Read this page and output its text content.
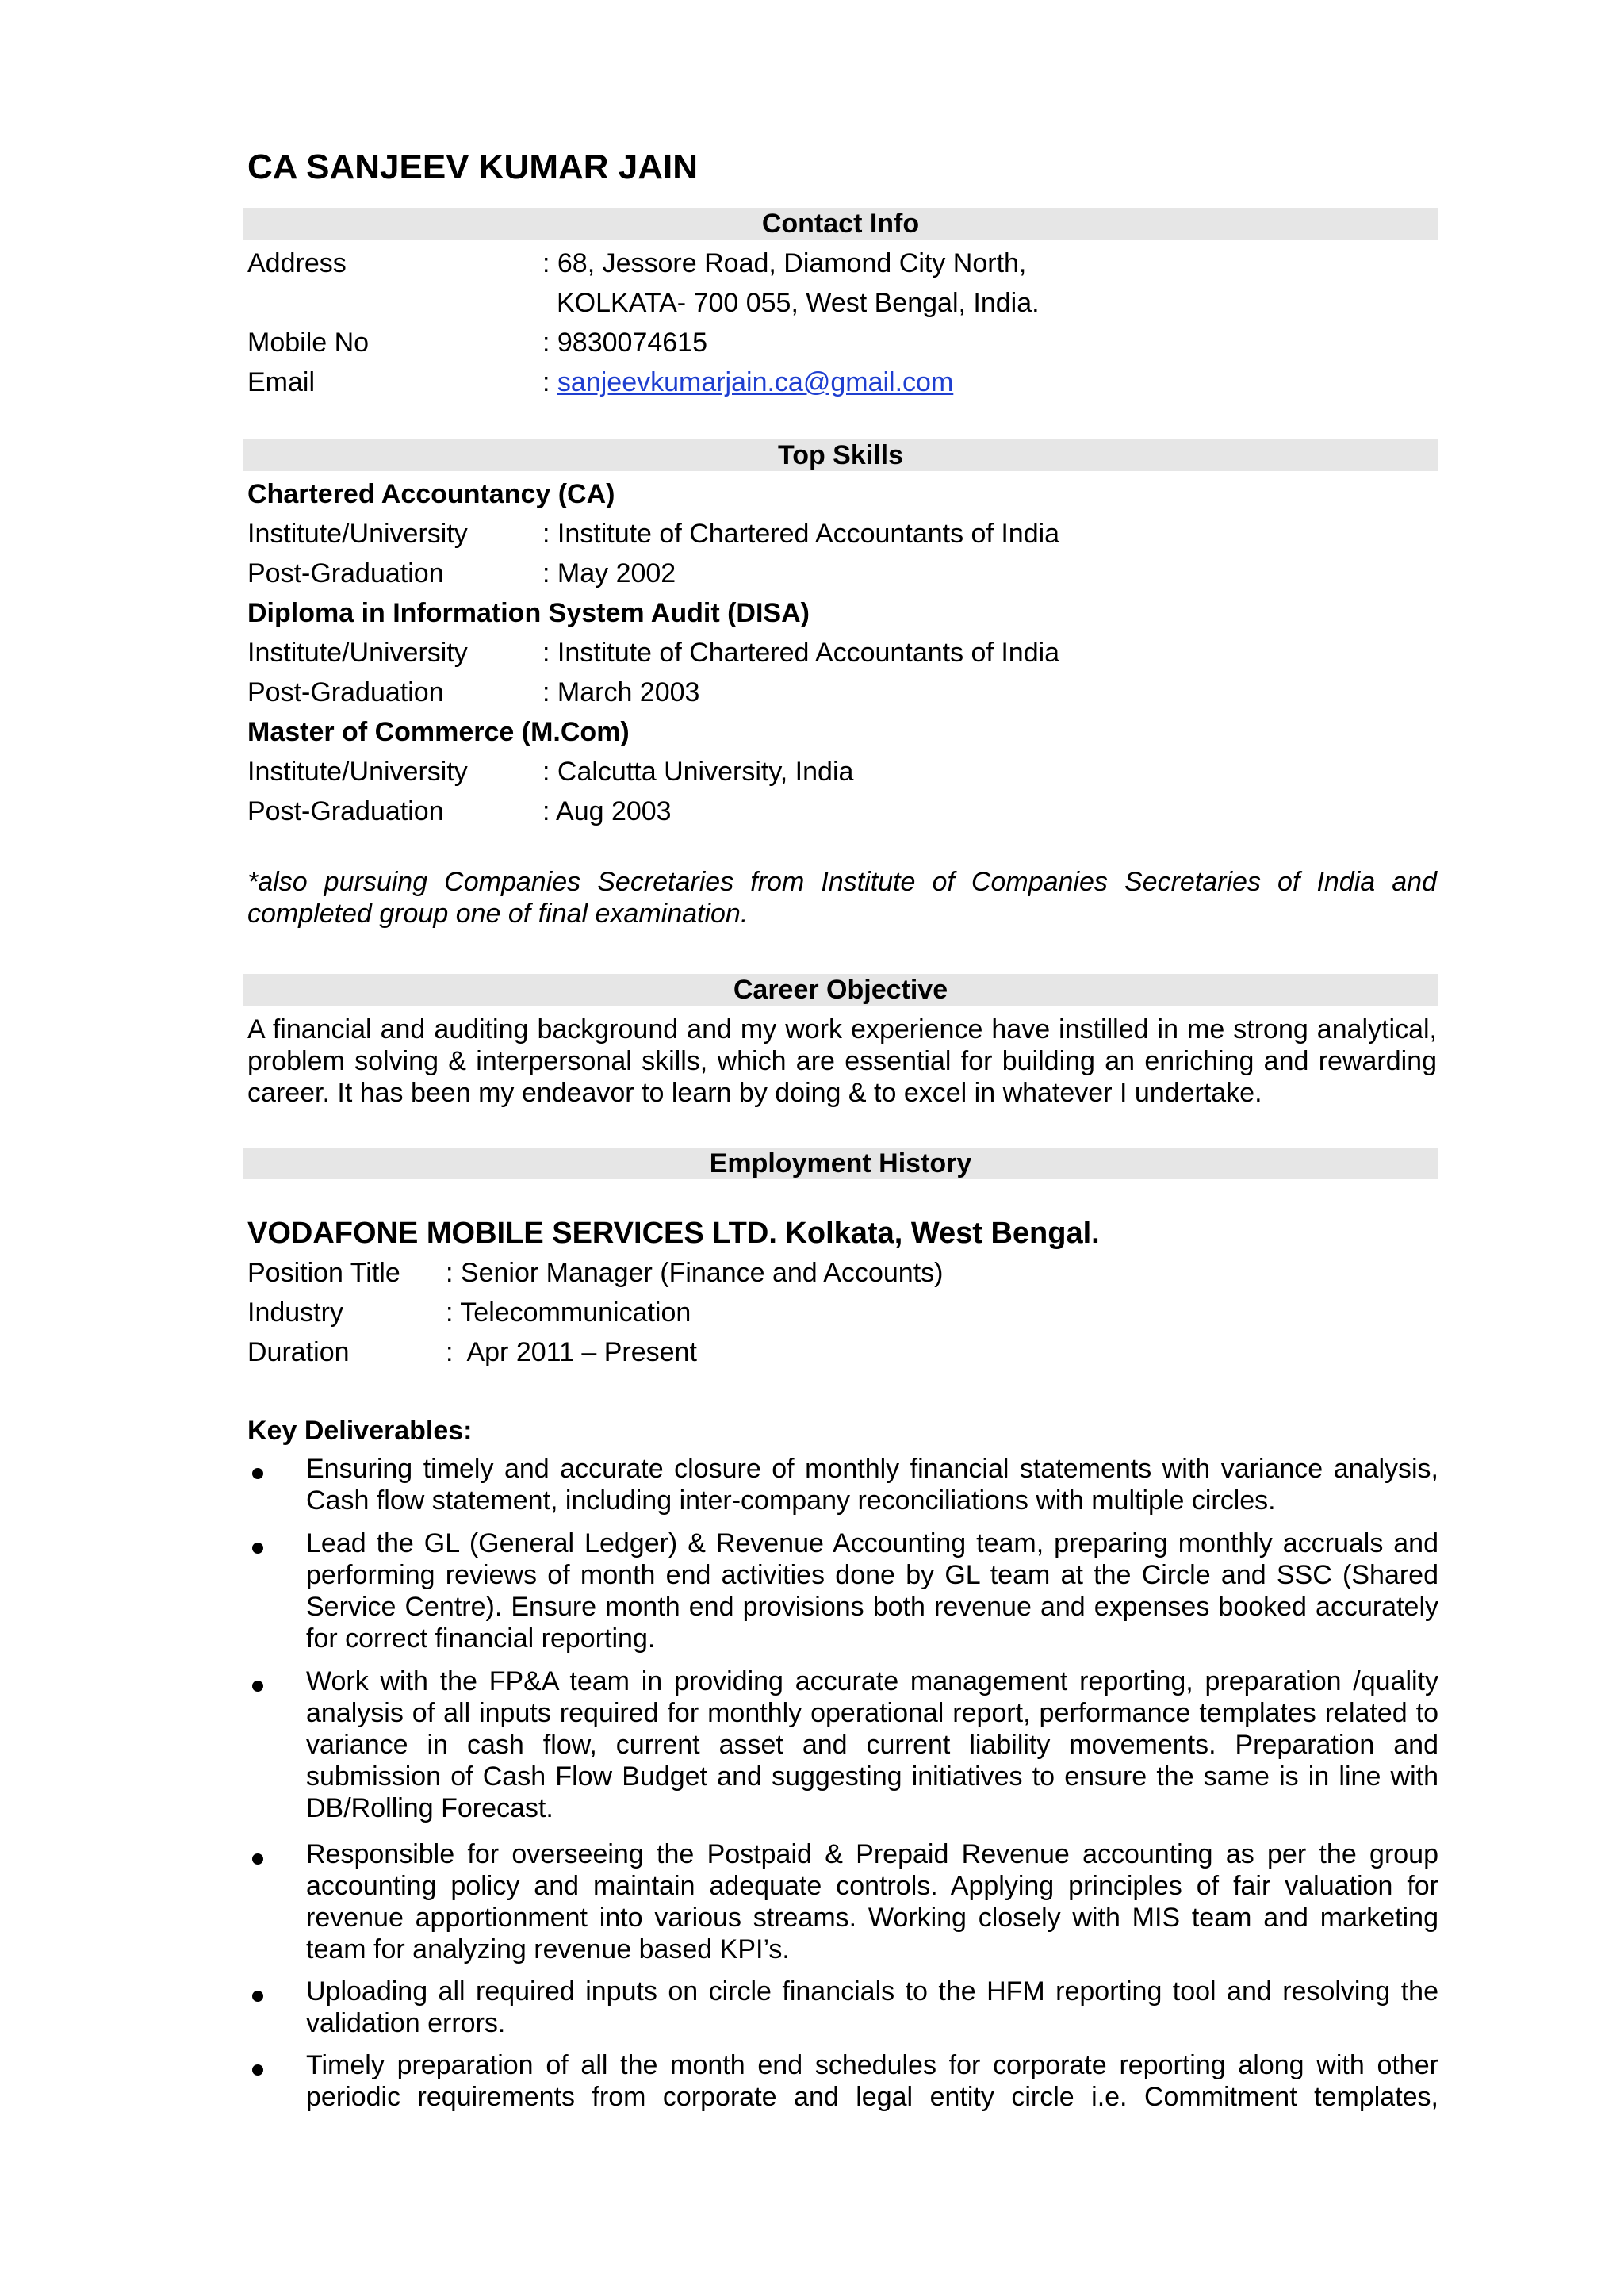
CA SANJEEV KUMAR JAIN
Contact Info
Address	: 68, Jessore Road, Diamond City North,
KOLKATA- 700 055, West Bengal, India.
Mobile No	: 9830074615
Email	: sanjeevkumarjain.ca@gmail.com
Top Skills
Chartered Accountancy (CA)
Institute/University	: Institute of Chartered Accountants of India
Post-Graduation	: May 2002
Diploma in Information System Audit (DISA)
Institute/University	: Institute of Chartered Accountants of India
Post-Graduation	: March 2003
Master of Commerce (M.Com)
Institute/University	: Calcutta University, India
Post-Graduation	: Aug 2003
*also pursuing Companies Secretaries from Institute of Companies Secretaries of India and completed group one of final examination.
Career Objective
A financial and auditing background and my work experience have instilled in me strong analytical, problem solving & interpersonal skills, which are essential for building an enriching and rewarding career. It has been my endeavor to learn by doing & to excel in whatever I undertake.
Employment History
VODAFONE MOBILE SERVICES LTD. Kolkata, West Bengal.
Position Title : Senior Manager (Finance and Accounts)
Industry	: Telecommunication
Duration	:  Apr 2011 – Present
Key Deliverables:
Ensuring timely and accurate closure of monthly financial statements with variance analysis, Cash flow statement, including inter-company reconciliations with multiple circles.
Lead the GL (General Ledger) & Revenue Accounting team, preparing monthly accruals and performing reviews of month end activities done by GL team at the Circle and SSC (Shared Service Centre). Ensure month end provisions both revenue and expenses booked accurately for correct financial reporting.
Work with the FP&A team in providing accurate management reporting, preparation /quality analysis of all inputs required for monthly operational report, performance templates related to variance in cash flow, current asset and current liability movements. Preparation and submission of Cash Flow Budget and suggesting initiatives to ensure the same is in line with DB/Rolling Forecast.
Responsible for overseeing the Postpaid & Prepaid Revenue accounting as per the group accounting policy and maintain adequate controls. Applying principles of fair valuation for revenue apportionment into various streams. Working closely with MIS team and marketing team for analyzing revenue based KPI’s.
Uploading all required inputs on circle financials to the HFM reporting tool and resolving the validation errors.
Timely preparation of all the month end schedules for corporate reporting along with other periodic requirements from corporate and legal entity circle i.e. Commitment templates,
